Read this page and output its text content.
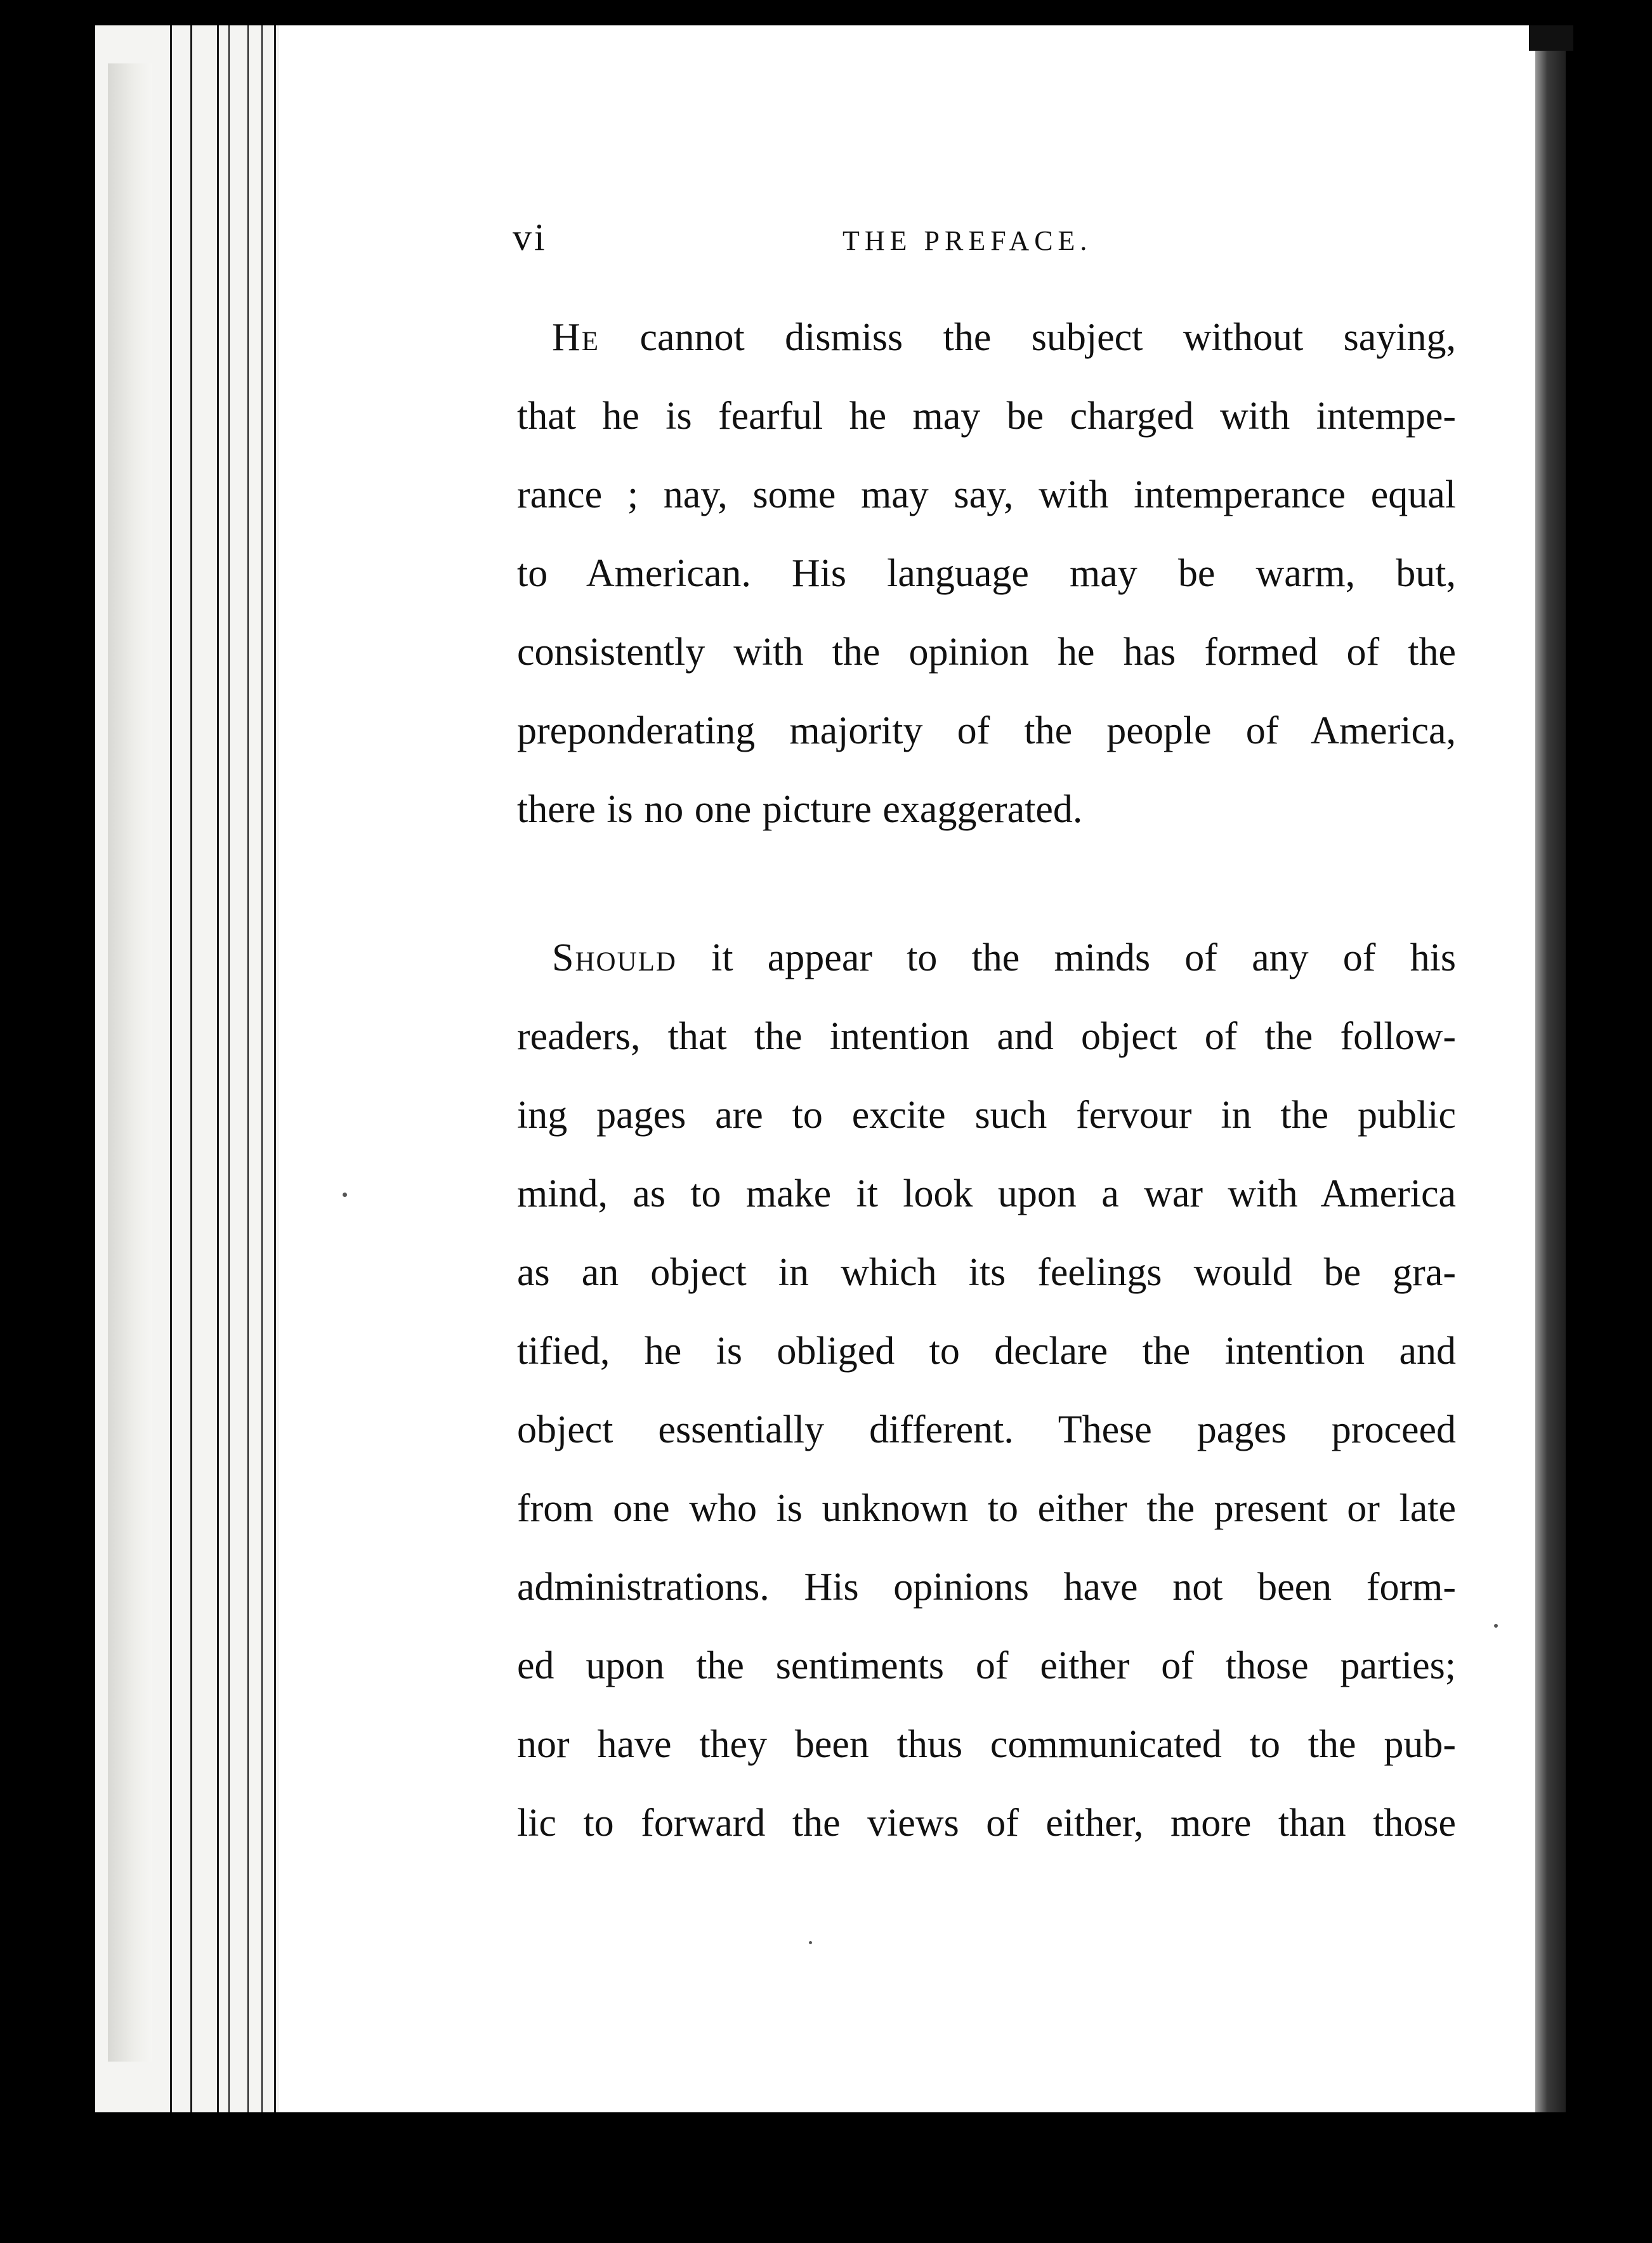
vi	THE PREFACE.
He cannot dismiss the subject without saying,
that he is fearful he may be charged with intempe-
rance ; nay, some may say, with intemperance equal
to American. His language may be warm, but,
consistently with the opinion he has formed of the
preponderating majority of the people of America,
there is no one picture exaggerated.
Should it appear to the minds of any of his
readers, that the intention and object of the follow-
ing pages are to excite such fervour in the public
mind, as to make it look upon a war with America
as an object in which its feelings would be gra-
tified, he is obliged to declare the intention and
object essentially different. These pages proceed
from one who is unknown to either the present or late
administrations. His opinions have not been form-
ed upon the sentiments of either of those parties;
nor have they been thus communicated to the pub-
lic to forward the views of either, more than those
